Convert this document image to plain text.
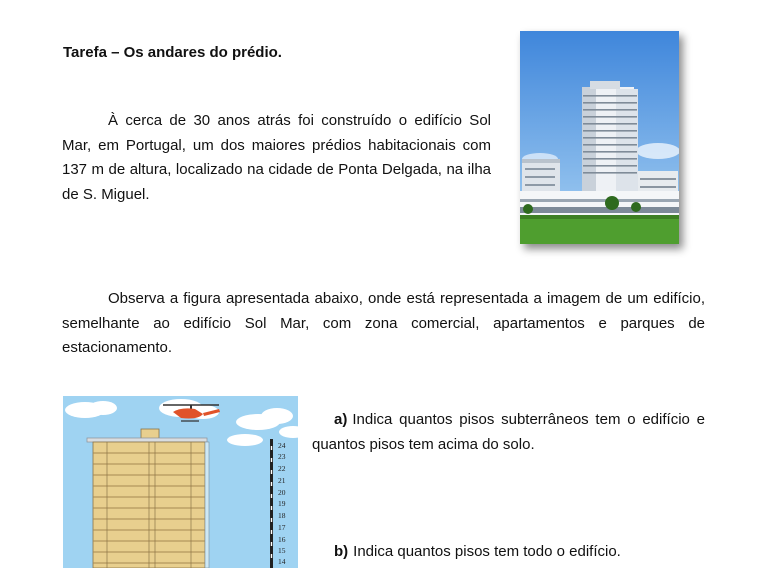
Tarefa – Os andares do prédio.

À cerca de 30 anos atrás foi construído o edifício Sol Mar, em Portugal, um dos maiores prédios habitacionais com 137 m de altura, localizado na cidade de Ponta Delgada, na ilha de S. Miguel.

Observa a figura apresentada abaixo, onde está representada a imagem de um edifício, semelhante ao edifício Sol Mar, com zona comercial, apartamentos e parques de estacionamento.

24
23
22
21
20
19
18
17
16
15
14

a) Indica quantos pisos subterrâneos tem o edifício e quantos pisos tem acima do solo.

b) Indica quantos pisos tem todo o edifício.
